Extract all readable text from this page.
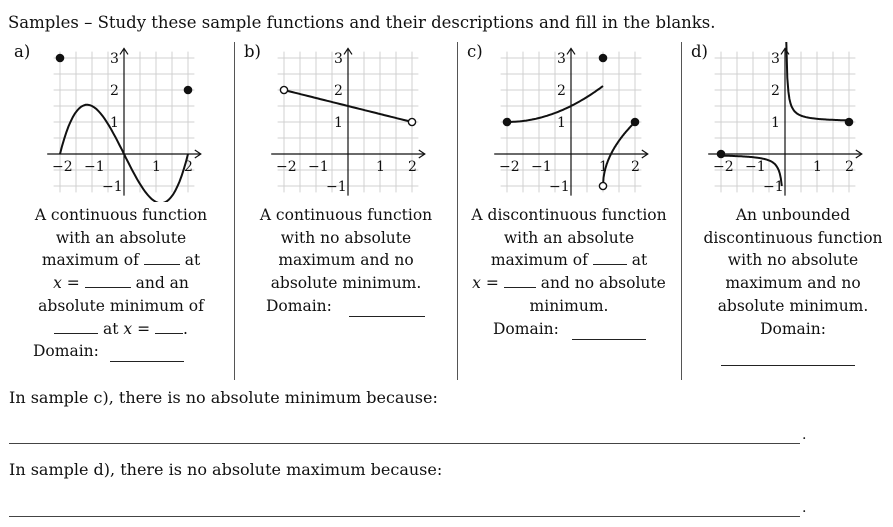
Samples – Study these sample functions and their descriptions and fill in the blanks.
a)
−2 −1	1 2
3
2
1
−1
A continuous function
with an absolute
maximum of	at
x =	and an
absolute minimum of
at x = .
Domain:
b)
−2 −1	1 2
3
2
1
−1
A continuous function
with no absolute
maximum and no
absolute minimum.
Domain:
c)
−2 −1	1 2
3
2
1
−1
A discontinuous function
with an absolute
maximum of	at
x =	and no absolute
minimum.
Domain:
d)
−2 −1	1 2
3
2
1
−1
An unbounded
discontinuous function
with no absolute
maximum and no
absolute minimum.
Domain:
In sample c), there is no absolute minimum because:
.
In sample d), there is no absolute maximum because:
.
